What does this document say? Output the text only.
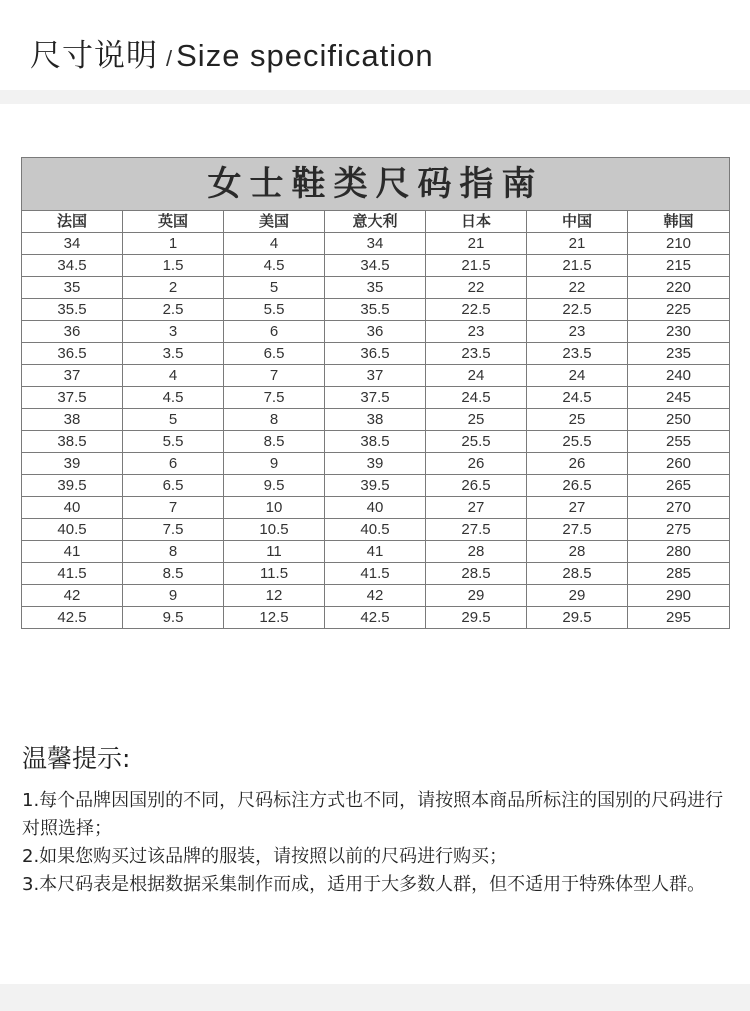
尺寸说明 / Size specification
女士鞋类尺码指南						
法国	英国	美国	意大利	日本	中国	韩国
34	1	4	34	21	21	210
34.5	1.5	4.5	34.5	21.5	21.5	215
35	2	5	35	22	22	220
35.5	2.5	5.5	35.5	22.5	22.5	225
36	3	6	36	23	23	230
36.5	3.5	6.5	36.5	23.5	23.5	235
37	4	7	37	24	24	240
37.5	4.5	7.5	37.5	24.5	24.5	245
38	5	8	38	25	25	250
38.5	5.5	8.5	38.5	25.5	25.5	255
39	6	9	39	26	26	260
39.5	6.5	9.5	39.5	26.5	26.5	265
40	7	10	40	27	27	270
40.5	7.5	10.5	40.5	27.5	27.5	275
41	8	11	41	28	28	280
41.5	8.5	11.5	41.5	28.5	28.5	285
42	9	12	42	29	29	290
42.5	9.5	12.5	42.5	29.5	29.5	295
温馨提示:

1.每个品牌因国别的不同，尺码标注方式也不同，请按照本商品所标注的国别的尺码进行对照选择；

2.如果您购买过该品牌的服装，请按照以前的尺码进行购买；

3.本尺码表是根据数据采集制作而成，适用于大多数人群，但不适用于特殊体型人群。
